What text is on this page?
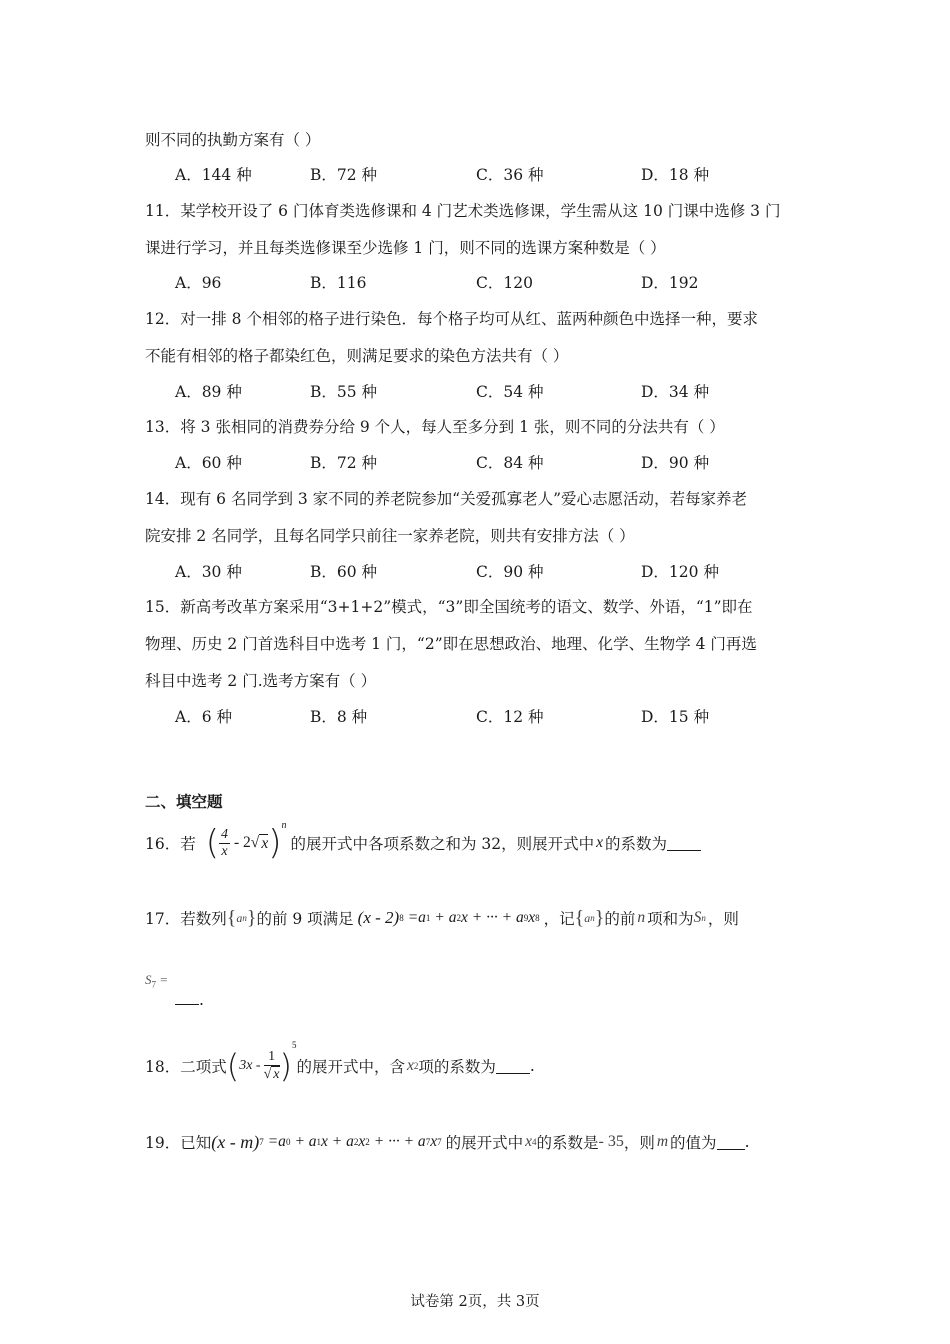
则不同的执勤方案有（ ）
A．144 种	B．72 种	C．36 种	D．18 种
11．某学校开设了 6 门体育类选修课和 4 门艺术类选修课，学生需从这 10 门课中选修 3 门
课进行学习，并且每类选修课至少选修 1 门，则不同的选课方案种数是（ ）
A．96	B．116	C．120	D．192
12．对一排 8 个相邻的格子进行染色．每个格子均可从红、蓝两种颜色中选择一种，要求
不能有相邻的格子都染红色，则满足要求的染色方法共有（ ）
A．89 种	B．55 种	C．54 种	D．34 种
13．将 3 张相同的消费券分给 9 个人，每人至多分到 1 张，则不同的分法共有（ ）
A．60 种	B．72 种	C．84 种	D．90 种
14．现有 6 名同学到 3 家不同的养老院参加“关爱孤寡老人”爱心志愿活动，若每家养老
院安排 2 名同学，且每名同学只前往一家养老院，则共有安排方法（ ）
A．30 种	B．60 种	C．90 种	D．120 种
15．新高考改革方案采用“3+1+2”模式，“3”即全国统考的语文、数学、外语，“1”即在
物理、历史 2 门首选科目中选考 1 门，“2”即在思想政治、地理、化学、生物学 4 门再选
科目中选考 2 门.选考方案有（ ）
A．6 种	B．8 种	C．12 种	D．15 种
二、填空题
16．若 ( $\frac{4}{x} - 2$ √ x ) n
的展开式中各项系数之和为 32，则展开式中 x 的系数为
17．若数列 { a n } 的前 9 项满足 (x - 2) 8 =a 1 + a 2 x + ··· + a 9 x 8 ，记 { a n } 的前 n 项和为 S n ，则
$S_7$ =
.
18．二项式 ( $3x - \frac{1}{√ x}$ )
5
的展开式中，含 x 2 项的系数为 .
19．已知 (x - m) 7 =a 0 + a 1 x + a 2 x 2 + ··· + a 7 x 7 的展开式中 x 4 的系数是 - 35 ，则 m 的值为 .
试卷第 2页，共 3页
